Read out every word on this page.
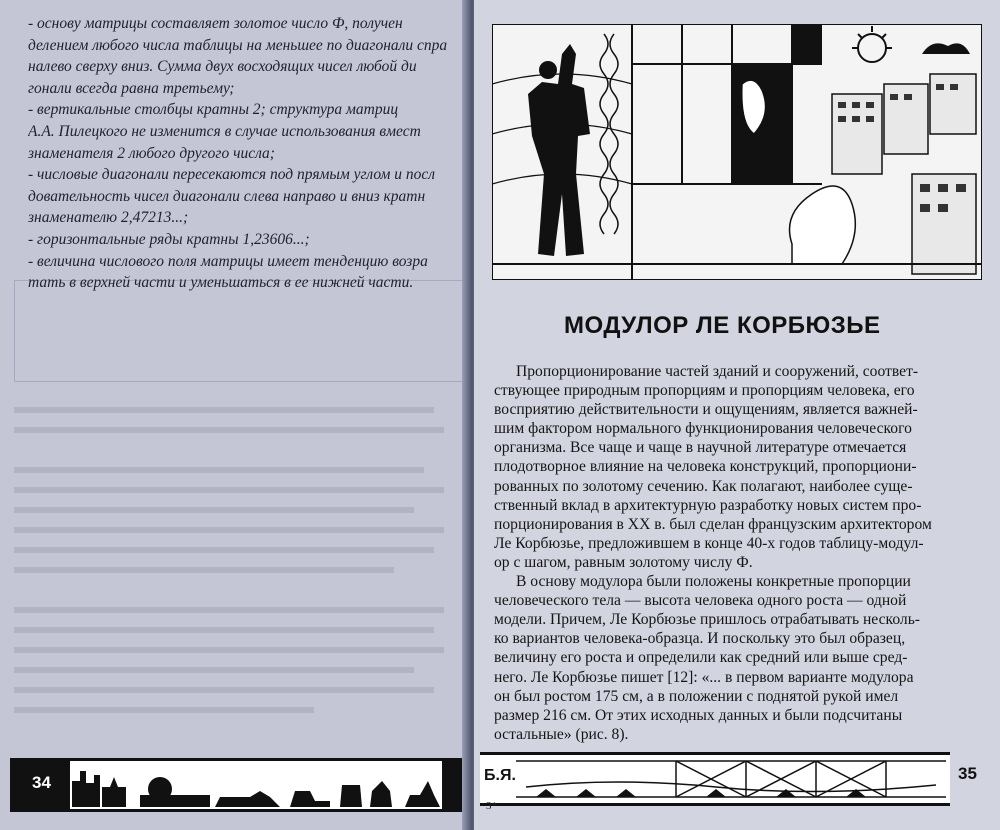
- основу матрицы составляет золотое число Ф, получен

делением любого числа таблицы на меньшее по диагонали спра

налево сверху вниз. Сумма двух восходящих чисел любой ди

гонали всегда равна третьему;

- вертикальные столбцы кратны 2; структура матриц

А.А. Пилецкого не изменится в случае использования вмест

знаменателя 2 любого другого числа;

- числовые диагонали пересекаются под прямым углом и посл

довательность чисел диагонали слева направо и вниз кратн

знаменателю 2,47213...;

- горизонтальные ряды кратны 1,23606...;

- величина числового поля матрицы имеет тенденцию возра

тать в верхней части и уменьшаться в ее нижней части.

34
МОДУЛОР ЛЕ КОРБЮЗЬЕ
Пропорционирование частей зданий и сооружений, соответ-
ствующее природным пропорциям и пропорциям человека, его
восприятию действительности и ощущениям, является важней-
шим фактором нормального функционирования человеческого
организма. Все чаще и чаще в научной литературе отмечается
плодотворное влияние на человека конструкций, пропорциони-
рованных по золотому сечению. Как полагают, наиболее суще-
ственный вклад в архитектурную разработку новых систем про-
порционирования в XX в. был сделан французским архитектором
Ле Корбюзье, предложившем в конце 40-х годов таблицу-модул-
ор с шагом, равным золотому числу Ф.
В основу модулора были положены конкретные пропорции
человеческого тела — высота человека одного роста — одной
модели. Причем, Ле Корбюзье пришлось отрабатывать несколь-
ко вариантов человека-образца. И поскольку это был образец,
величину его роста и определили как средний или выше сред-
него. Ле Корбюзье пишет [12]: «... в первом варианте модулора
он был ростом 175 см, а в положении с поднятой рукой имел
размер 216 см. От этих исходных данных и были подсчитаны
остальные» (рис. 8).
Б.Я.	35
3*
